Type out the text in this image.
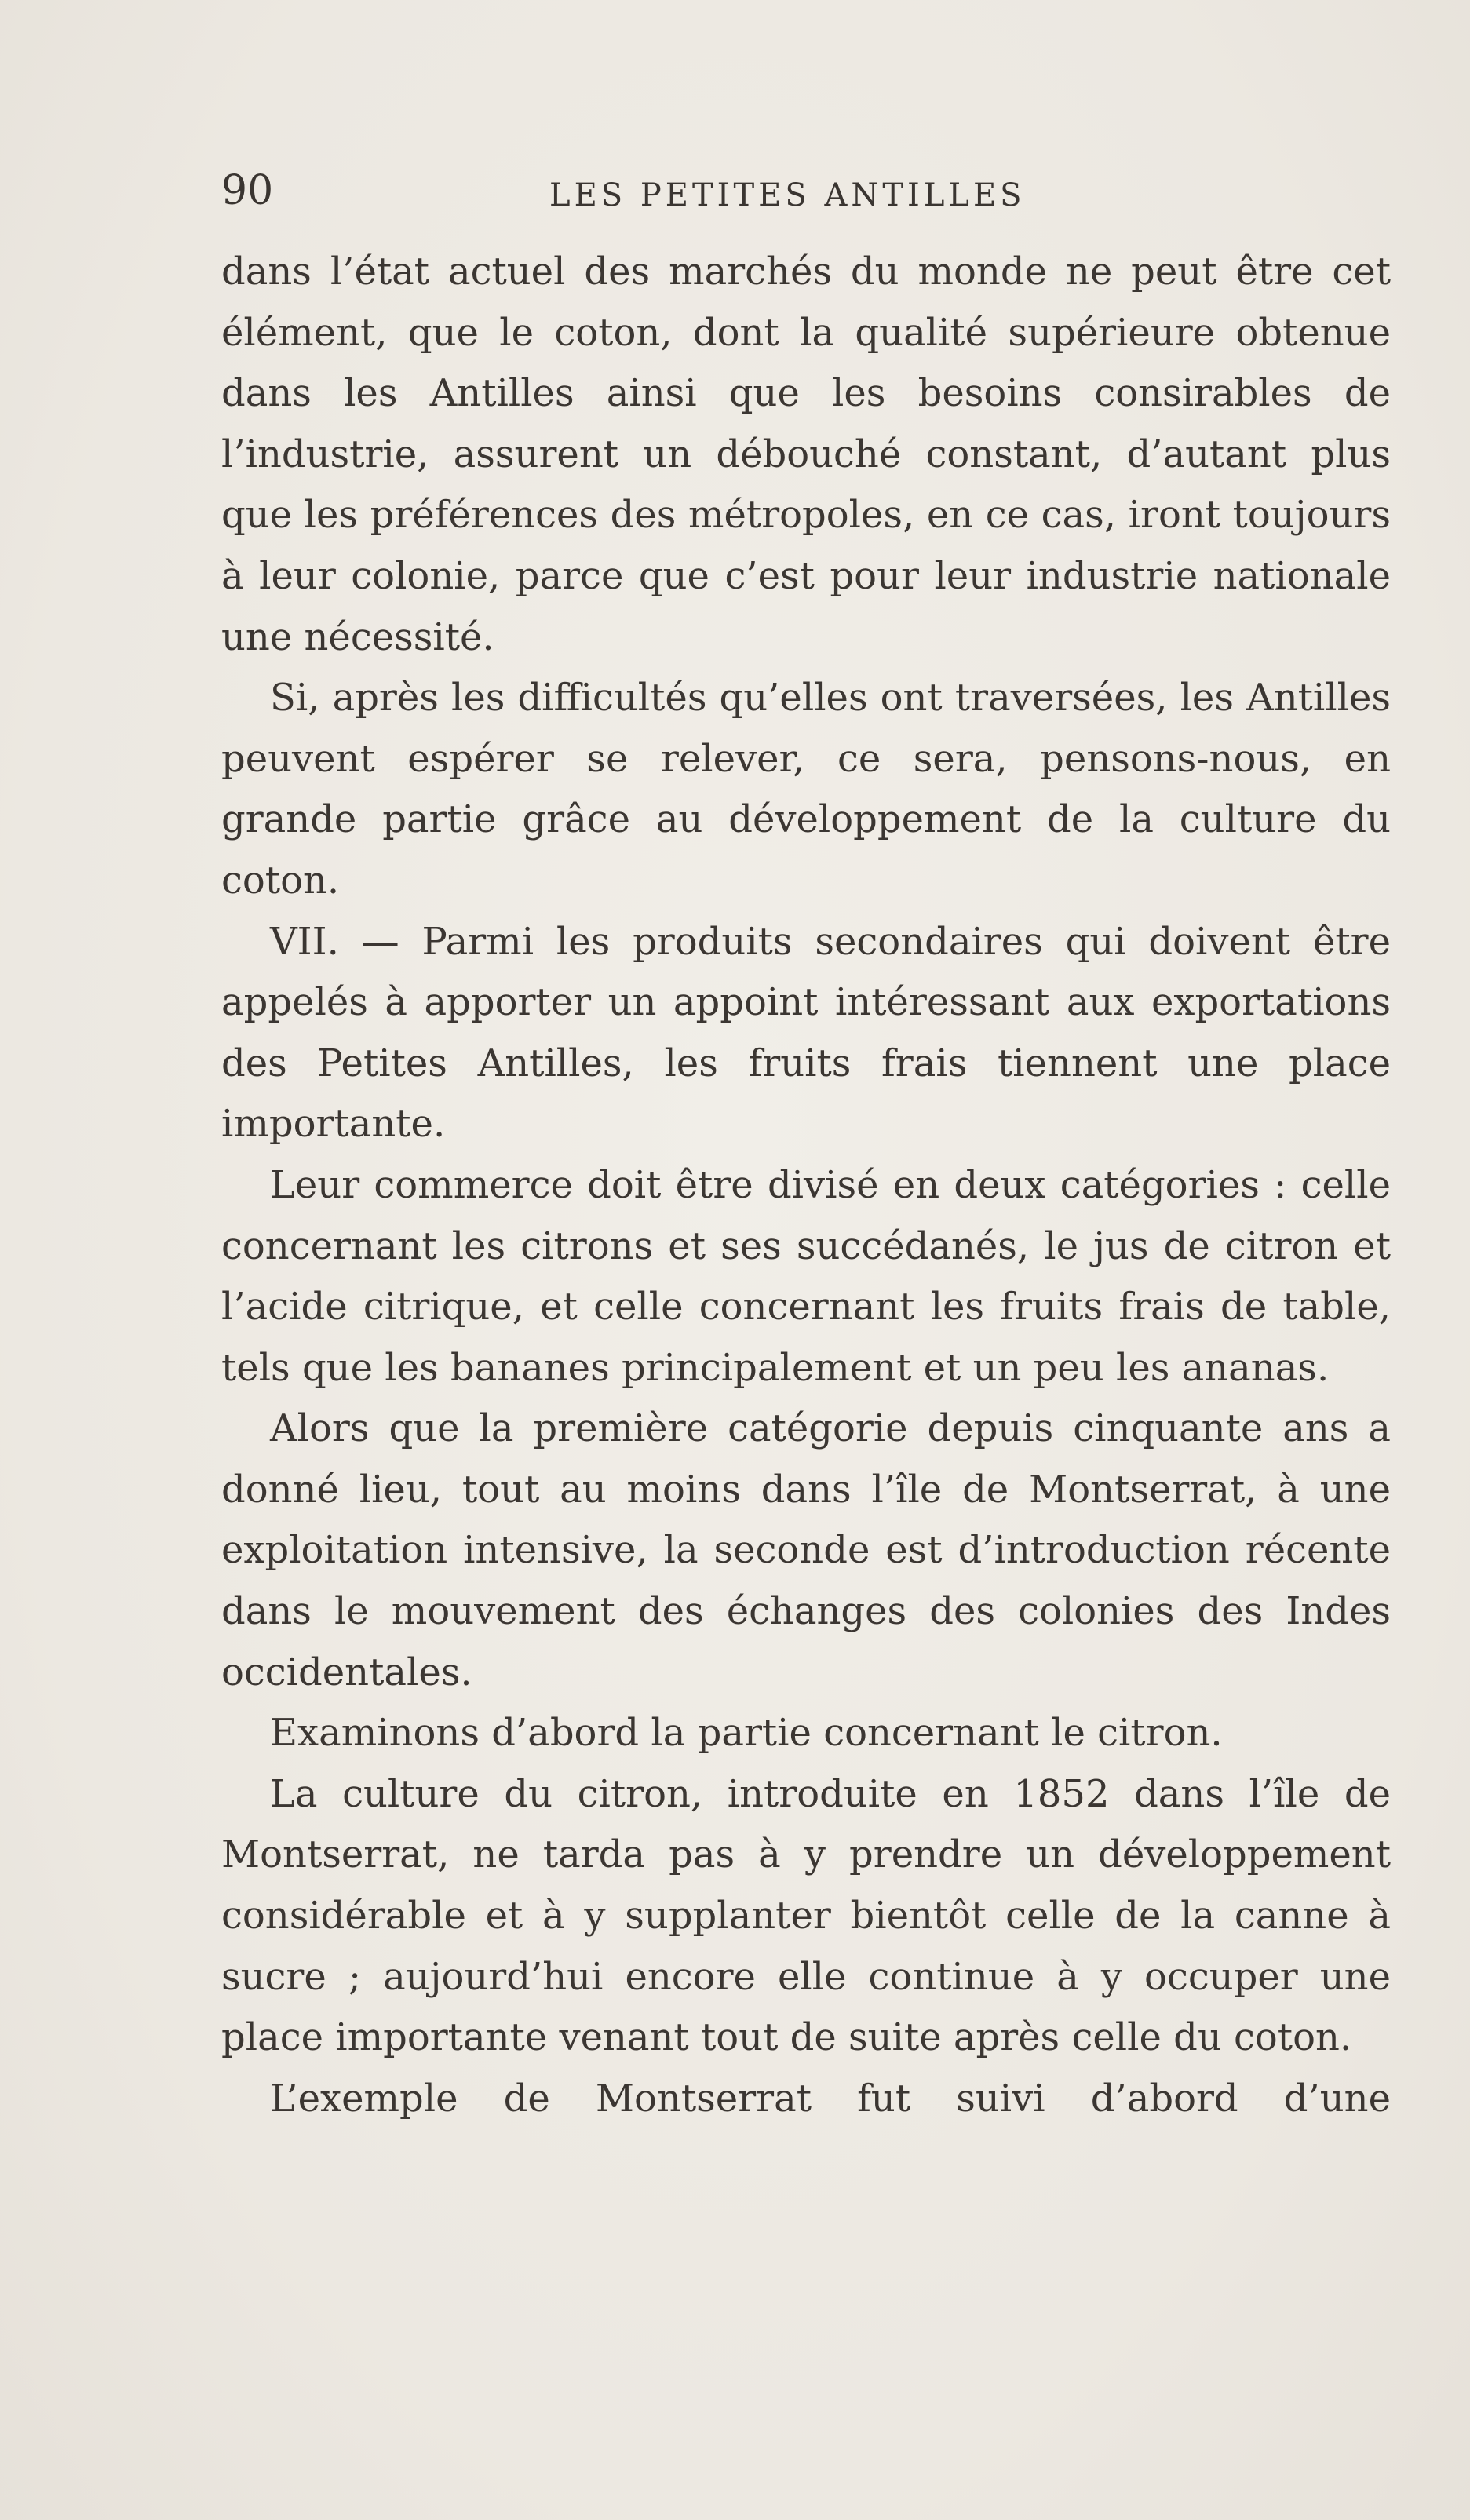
90	LES PETITES ANTILLES

dans l’état actuel des marchés du monde ne peut être cet élément, que le coton, dont la qualité supérieure obtenue dans les Antilles ainsi que les besoins consirables de l’industrie, assurent un débouché constant, d’autant plus que les préférences des métropoles, en ce cas, iront toujours à leur colonie, parce que c’est pour leur industrie nationale une nécessité.

Si, après les difficultés qu’elles ont traversées, les Antilles peuvent espérer se relever, ce sera, pensons-nous, en grande partie grâce au développement de la culture du coton.

VII. — Parmi les produits secondaires qui doivent être appelés à apporter un appoint intéressant aux exportations des Petites Antilles, les fruits frais tiennent une place importante.

Leur commerce doit être divisé en deux catégories : celle concernant les citrons et ses succédanés, le jus de citron et l’acide citrique, et celle concernant les fruits frais de table, tels que les bananes principalement et un peu les ananas.

Alors que la première catégorie depuis cinquante ans a donné lieu, tout au moins dans l’île de Montserrat, à une exploitation intensive, la seconde est d’introduction récente dans le mouvement des échanges des colonies des Indes occidentales.

Examinons d’abord la partie concernant le citron.

La culture du citron, introduite en 1852 dans l’île de Montserrat, ne tarda pas à y prendre un développement considérable et à y supplanter bientôt celle de la canne à sucre ; aujourd’hui encore elle continue à y occuper une place importante venant tout de suite après celle du coton.

L’exemple de Montserrat fut suivi d’abord d’une
